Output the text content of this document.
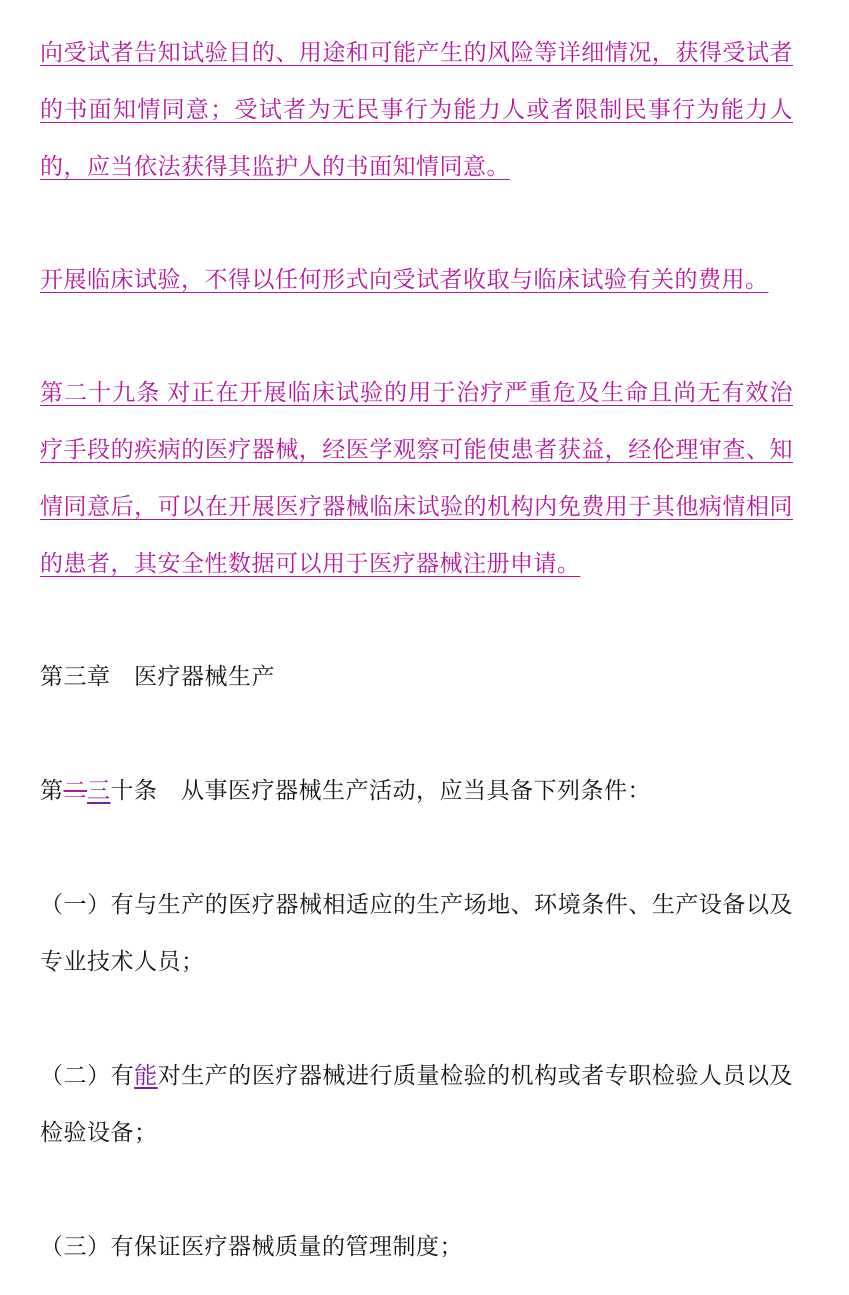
向受试者告知试验目的、用途和可能产生的风险等详细情况，获得受试者的书面知情同意；受试者为无民事行为能力人或者限制民事行为能力人的，应当依法获得其监护人的书面知情同意。

开展临床试验，不得以任何形式向受试者收取与临床试验有关的费用。

第二十九条 对正在开展临床试验的用于治疗严重危及生命且尚无有效治疗手段的疾病的医疗器械，经医学观察可能使患者获益，经伦理审查、知情同意后，可以在开展医疗器械临床试验的机构内免费用于其他病情相同的患者，其安全性数据可以用于医疗器械注册申请。

第三章　医疗器械生产

第二三十条　从事医疗器械生产活动，应当具备下列条件：

（一）有与生产的医疗器械相适应的生产场地、环境条件、生产设备以及专业技术人员；

（二）有能对生产的医疗器械进行质量检验的机构或者专职检验人员以及检验设备；

（三）有保证医疗器械质量的管理制度；
